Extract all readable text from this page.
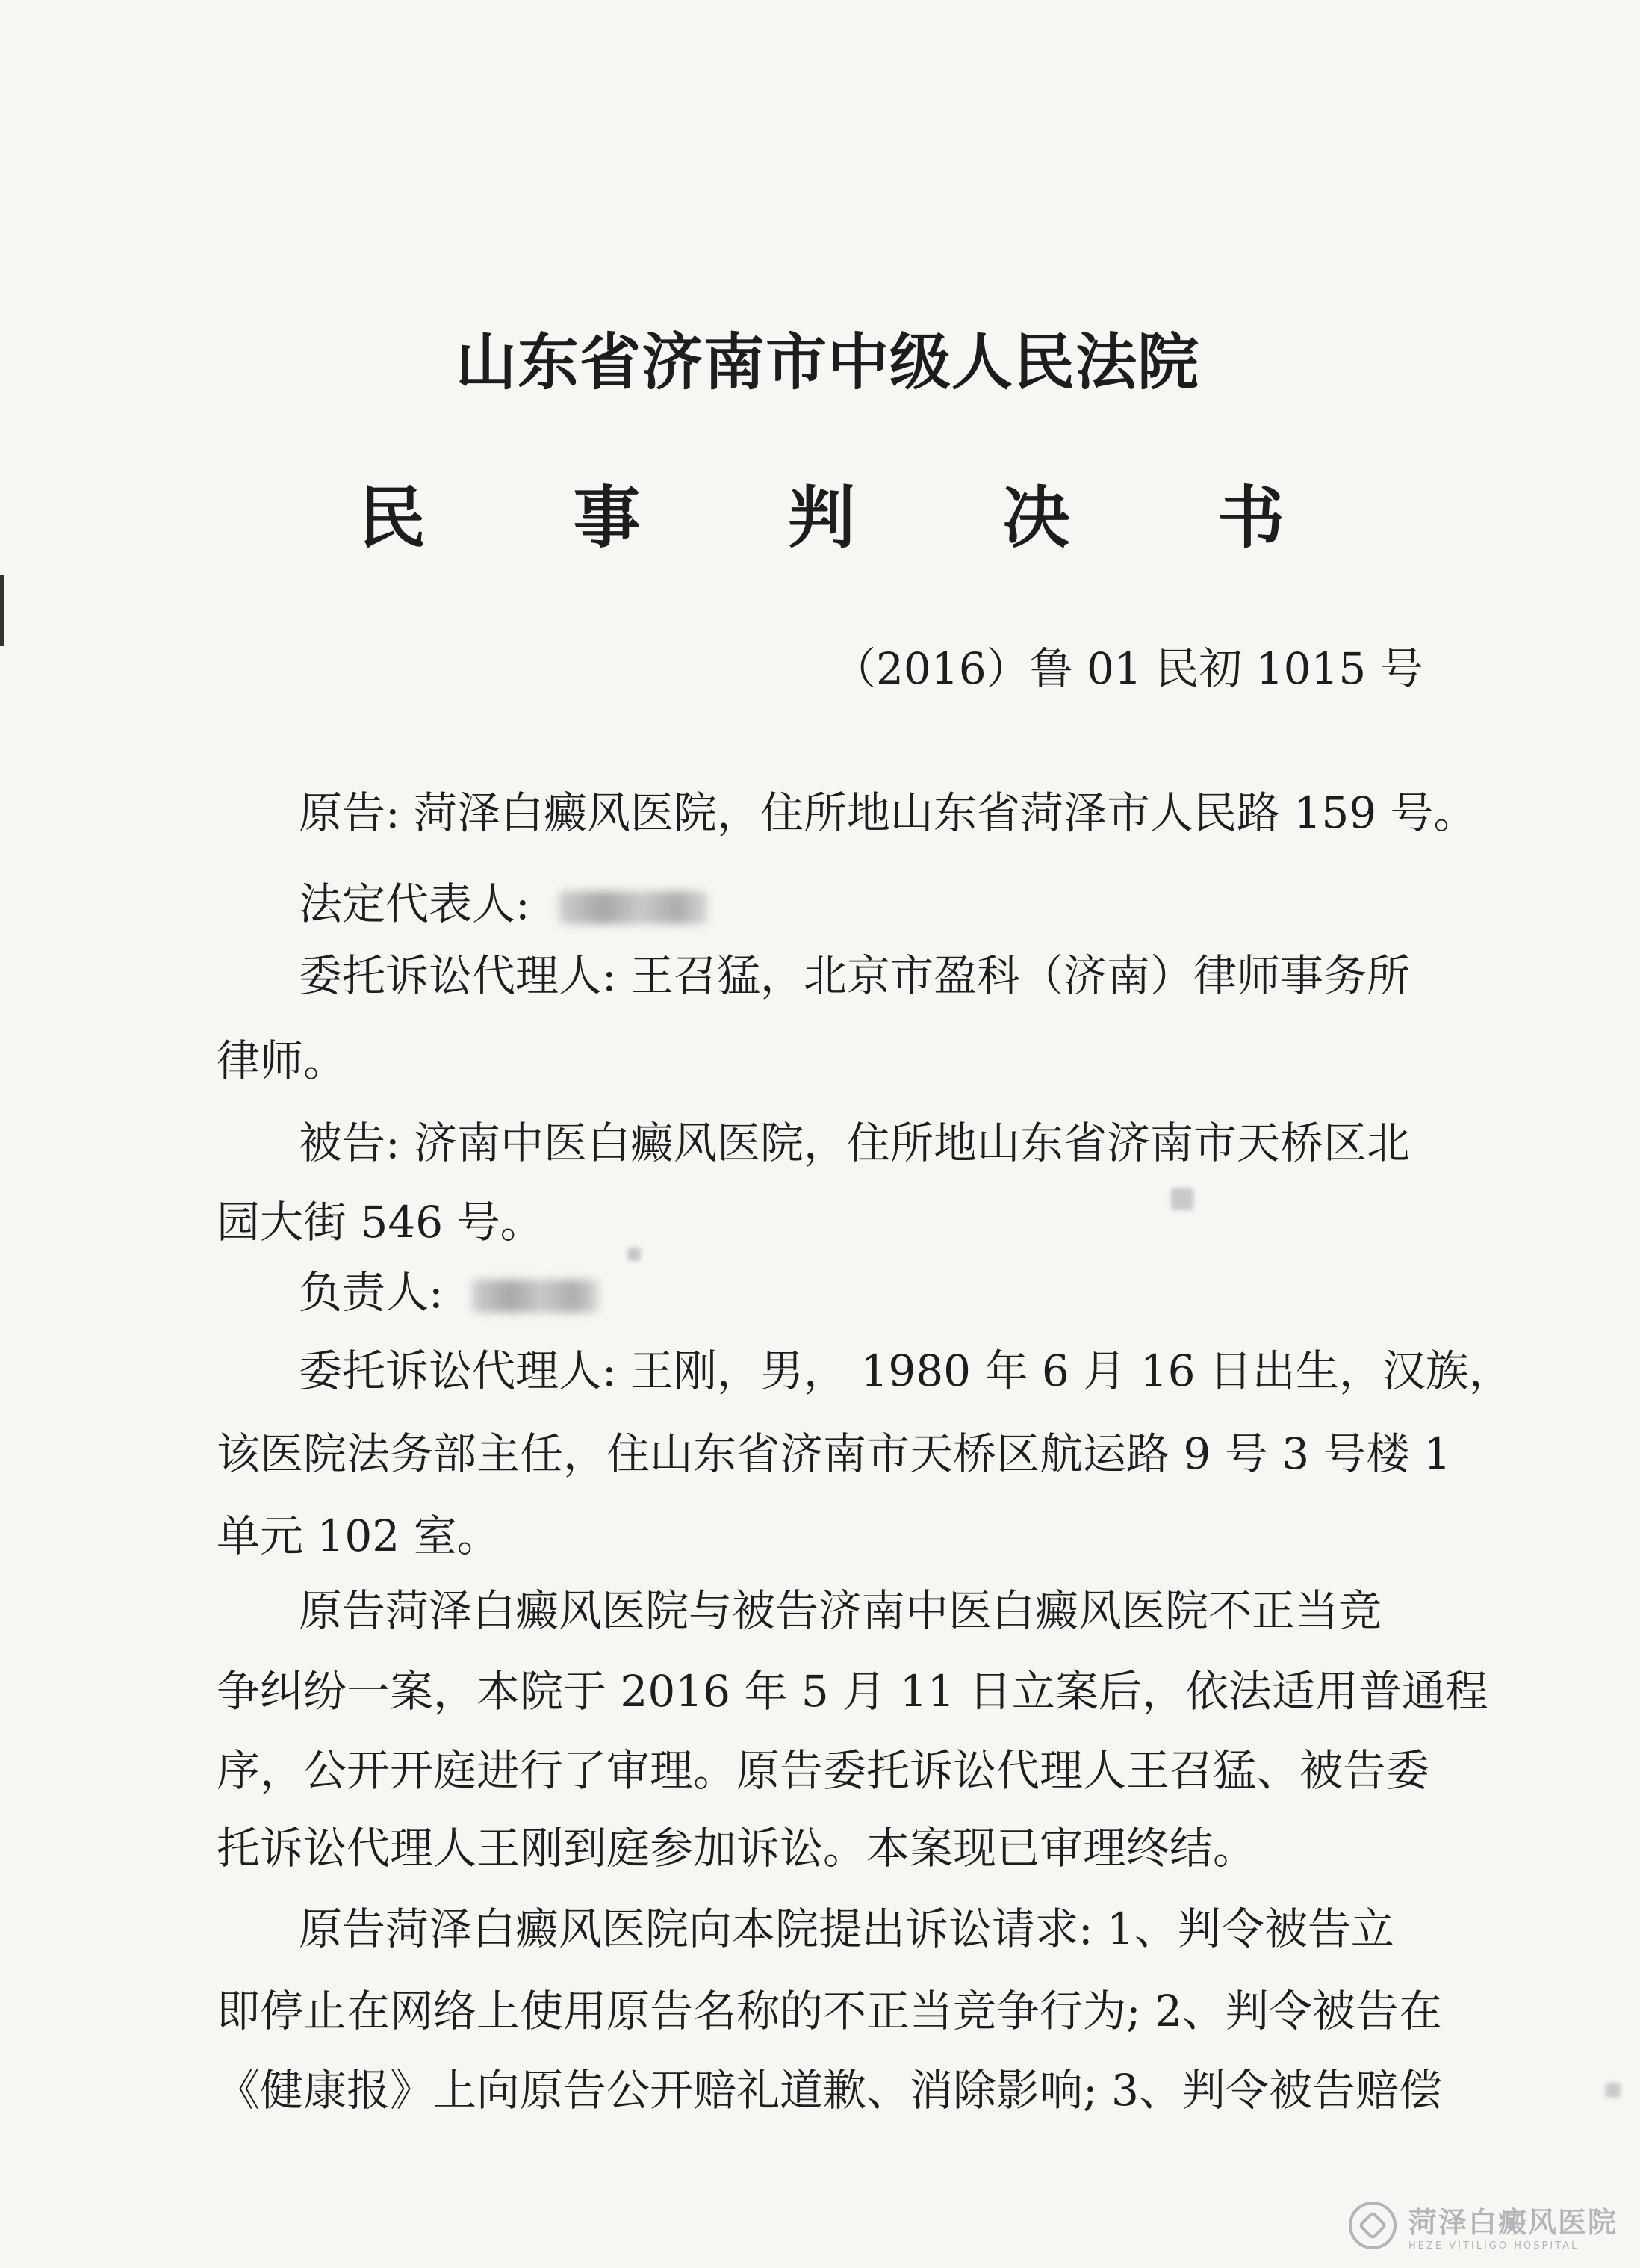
山东省济南市中级人民法院
民 事 判 决 书
（2016）鲁 01 民初 1015 号
原告: 菏泽白癜风医院，住所地山东省菏泽市人民路 159 号。
法定代表人:
委托诉讼代理人: 王召猛，北京市盈科（济南）律师事务所
律师。
被告: 济南中医白癜风医院，住所地山东省济南市天桥区北
园大街 546 号。
负责人:
委托诉讼代理人: 王刚，男， 1980 年 6 月 16 日出生，汉族，
该医院法务部主任，住山东省济南市天桥区航运路 9 号 3 号楼 1
单元 102 室。
原告菏泽白癜风医院与被告济南中医白癜风医院不正当竞
争纠纷一案，本院于 2016 年 5 月 11 日立案后，依法适用普通程
序，公开开庭进行了审理。原告委托诉讼代理人王召猛、被告委
托诉讼代理人王刚到庭参加诉讼。本案现已审理终结。
原告菏泽白癜风医院向本院提出诉讼请求: 1、判令被告立
即停止在网络上使用原告名称的不正当竞争行为; 2、判令被告在
《健康报》上向原告公开赔礼道歉、消除影响; 3、判令被告赔偿
菏泽白癜风医院
HEZE VITILIGO HOSPITAL
